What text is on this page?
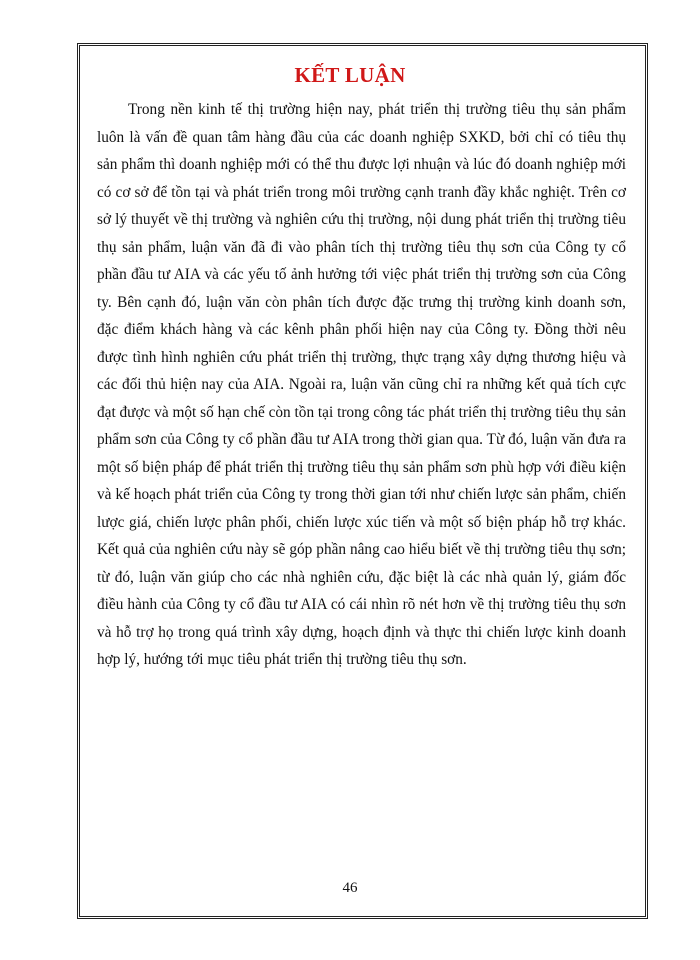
KẾT LUẬN

Trong nền kinh tế thị trường hiện nay, phát triển thị trường tiêu thụ sản phẩm luôn là vấn đề quan tâm hàng đầu của các doanh nghiệp SXKD, bởi chỉ có tiêu thụ sản phẩm thì doanh nghiệp mới có thể thu được lợi nhuận và lúc đó doanh nghiệp mới có cơ sở để tồn tại và phát triển trong môi trường cạnh tranh đầy khắc nghiệt. Trên cơ sở lý thuyết về thị trường và nghiên cứu thị trường, nội dung phát triển thị trường tiêu thụ sản phẩm, luận văn đã đi vào phân tích thị trường tiêu thụ sơn của Công ty cổ phần đầu tư AIA và các yếu tố ảnh hưởng tới việc phát triển thị trường sơn của Công ty. Bên cạnh đó, luận văn còn phân tích được đặc trưng thị trường kinh doanh sơn, đặc điểm khách hàng và các kênh phân phối hiện nay của Công ty. Đồng thời nêu được tình hình nghiên cứu phát triển thị trường, thực trạng xây dựng thương hiệu và các đối thủ hiện nay của AIA. Ngoài ra, luận văn cũng chỉ ra những kết quả tích cực đạt được và một số hạn chế còn tồn tại trong công tác phát triển thị trường tiêu thụ sản phẩm sơn của Công ty cổ phần đầu tư AIA trong thời gian qua. Từ đó, luận văn đưa ra một số biện pháp để phát triển thị trường tiêu thụ sản phẩm sơn phù hợp với điều kiện và kế hoạch phát triển của Công ty trong thời gian tới như chiến lược sản phẩm, chiến lược giá, chiến lược phân phối, chiến lược xúc tiến và một số biện pháp hỗ trợ khác. Kết quả của nghiên cứu này sẽ góp phần nâng cao hiểu biết về thị trường tiêu thụ sơn; từ đó, luận văn giúp cho các nhà nghiên cứu, đặc biệt là các nhà quản lý, giám đốc điều hành của Công ty cổ đầu tư AIA có cái nhìn rõ nét hơn về thị trường tiêu thụ sơn và hỗ trợ họ trong quá trình xây dựng, hoạch định và thực thi chiến lược kinh doanh hợp lý, hướng tới mục tiêu phát triển thị trường tiêu thụ sơn.

46
